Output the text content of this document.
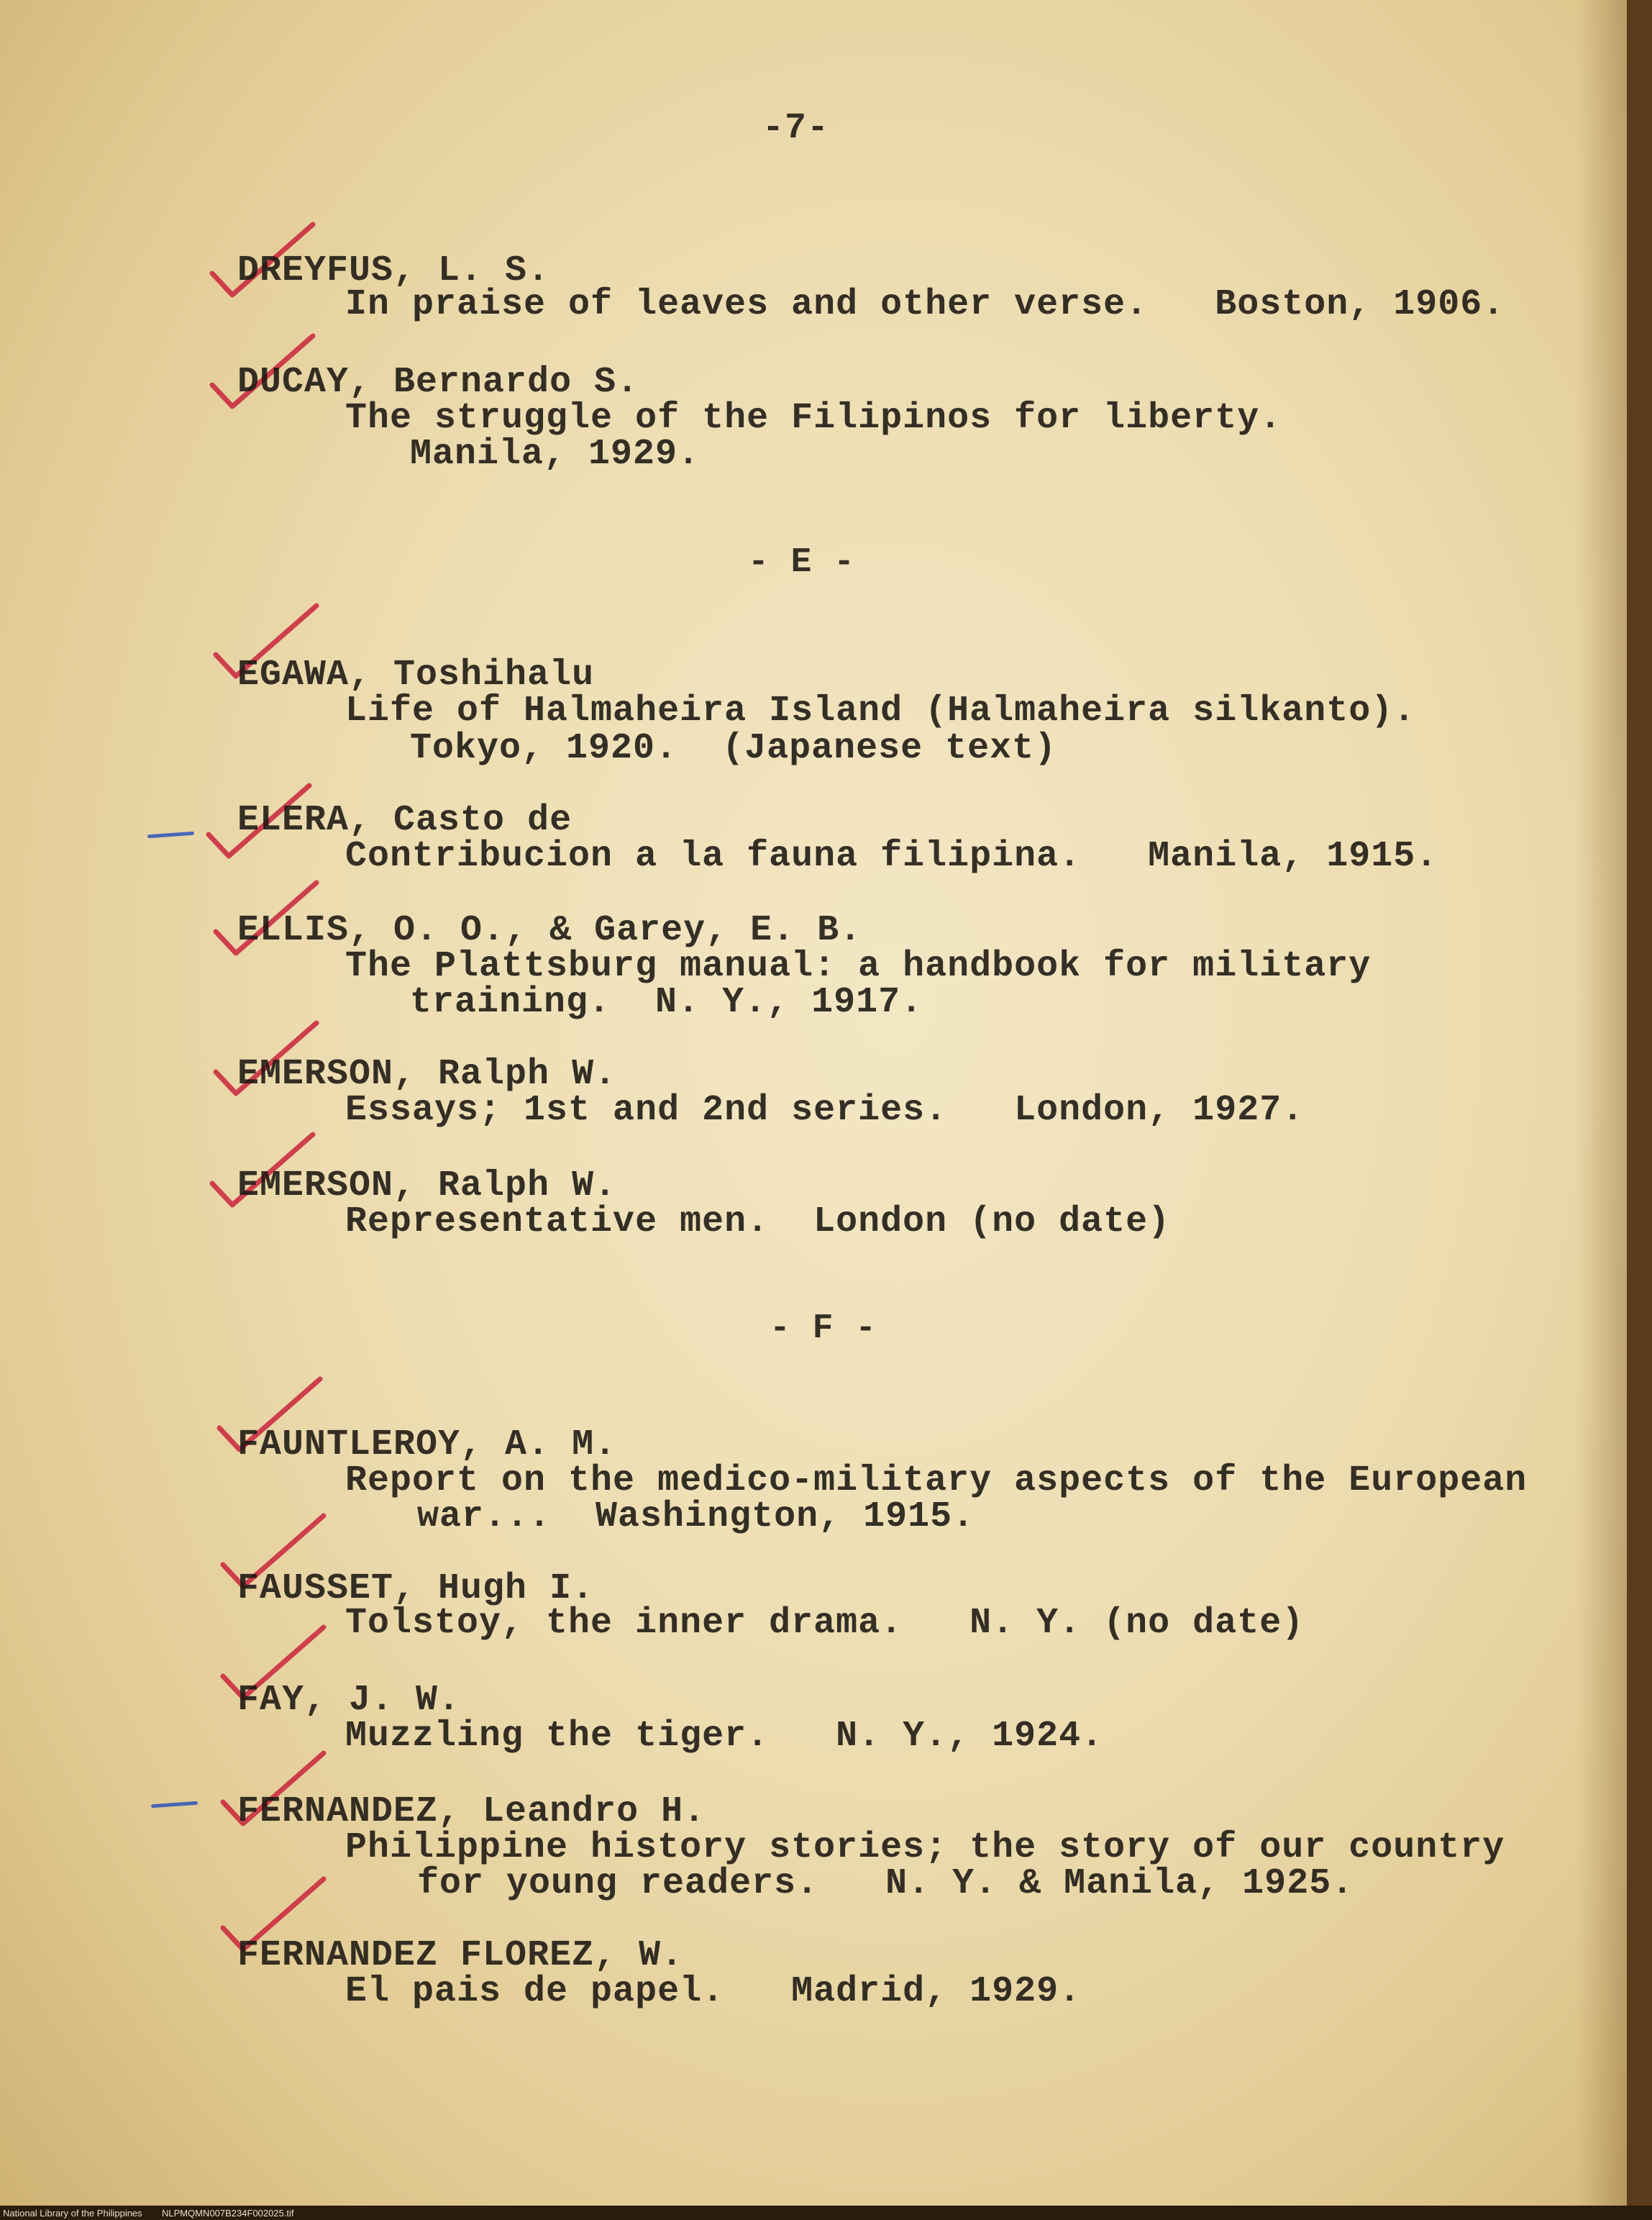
-7-
DREYFUS, L. S.
In praise of leaves and other verse.   Boston, 1906.
DUCAY, Bernardo S.
The struggle of the Filipinos for liberty.
Manila, 1929.
- E -
EGAWA, Toshihalu
Life of Halmaheira Island (Halmaheira silkanto).
Tokyo, 1920.  (Japanese text)
ELERA, Casto de
Contribucion a la fauna filipina.   Manila, 1915.
ELLIS, O. O., & Garey, E. B.
The Plattsburg manual: a handbook for military
training.  N. Y., 1917.
EMERSON, Ralph W.
Essays; 1st and 2nd series.   London, 1927.
EMERSON, Ralph W.
Representative men.  London (no date)
- F -
FAUNTLEROY, A. M.
Report on the medico-military aspects of the European
war...  Washington, 1915.
FAUSSET, Hugh I.
Tolstoy, the inner drama.   N. Y. (no date)
FAY, J. W.
Muzzling the tiger.   N. Y., 1924.
FERNANDEZ, Leandro H.
Philippine history stories; the story of our country
for young readers.   N. Y. & Manila, 1925.
FERNANDEZ FLOREZ, W.
El pais de papel.   Madrid, 1929.
National Library of the Philippines NLPMQMN007B234F002025.tif
